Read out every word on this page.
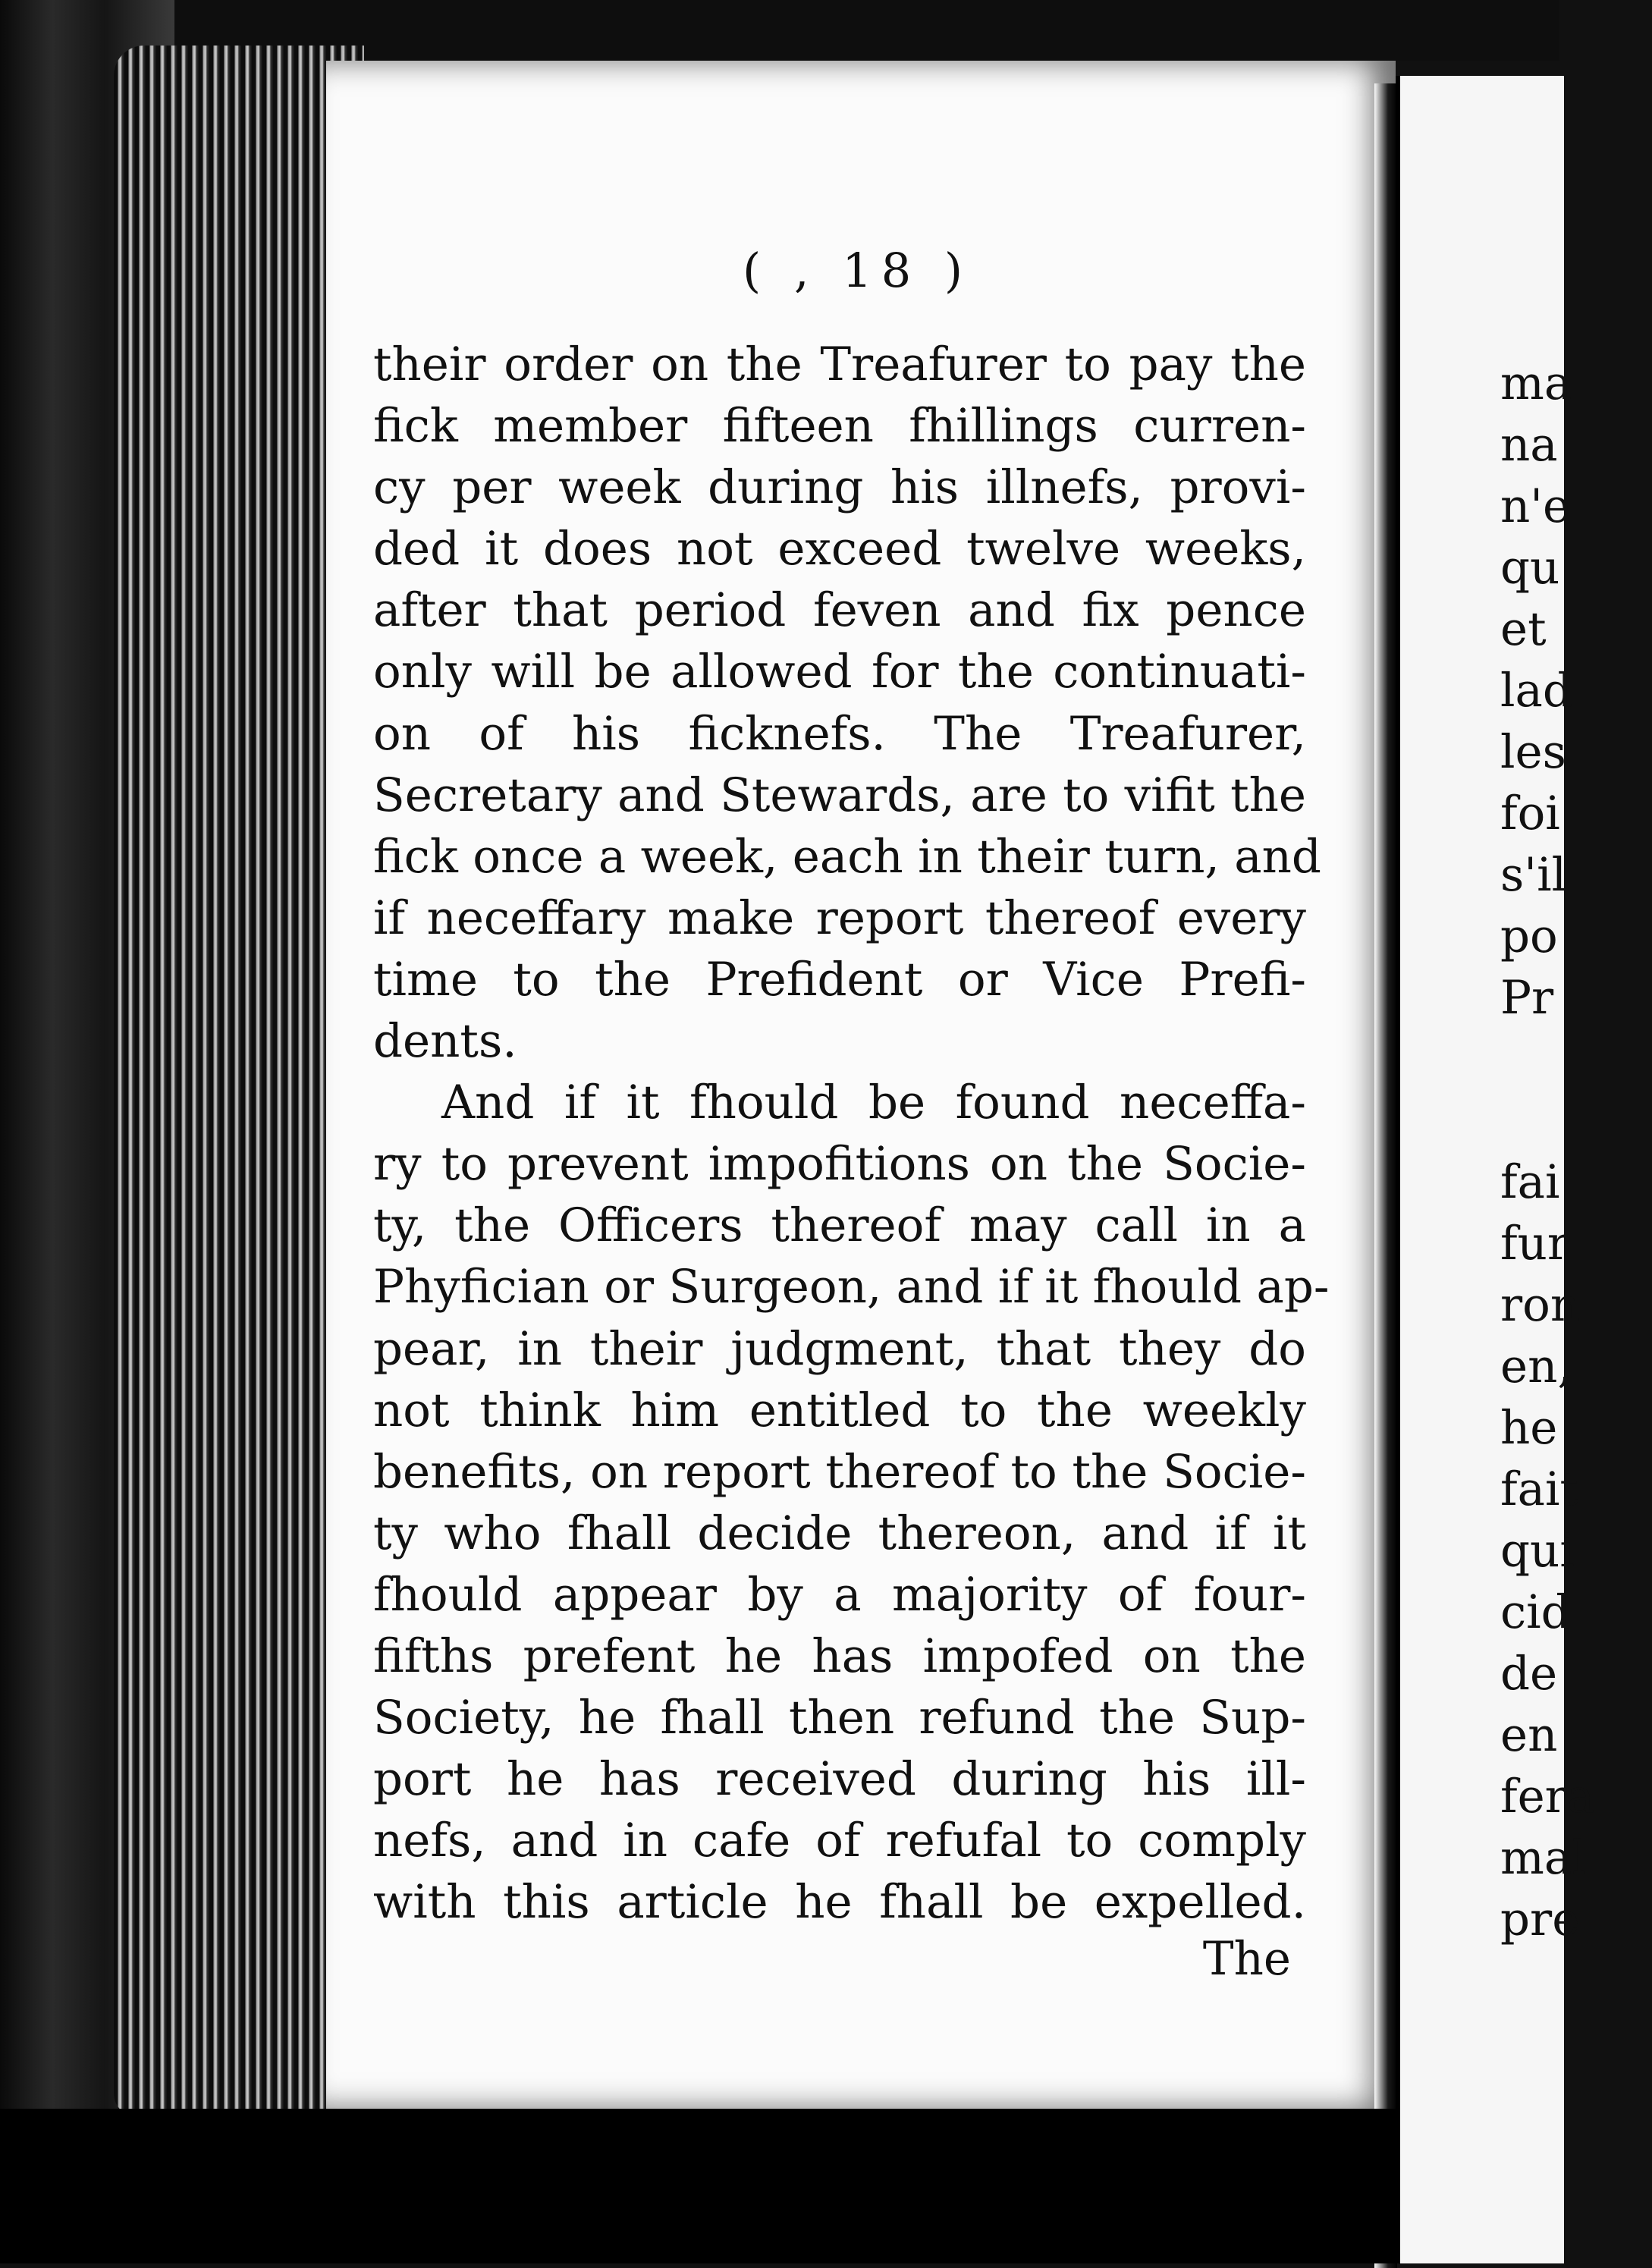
( , 18 )
their order on the Treafurer to pay the
fick member fifteen fhillings curren-
cy per week during his illnefs, provi-
ded it does not exceed twelve weeks,
after that period feven and fix pence
only will be allowed for the continuati-
on of his ficknefs. The Treafurer,
Secretary and Stewards, are to vifit the
fick once a week, each in their turn, and
if neceffary make report thereof every
time to the Prefident or Vice Prefi-
dents.
And if it fhould be found neceffa-
ry to prevent impofitions on the Socie-
ty, the Officers thereof may call in a
Phyfician or Surgeon, and if it fhould ap-
pear, in their judgment, that they do
not think him entitled to the weekly
benefits, on report thereof to the Socie-
ty who fhall decide thereon, and if it
fhould appear by a majority of four-
fifths prefent he has impofed on the
Society, he fhall then refund the Sup-
port he has received during his ill-
nefs, and in cafe of refufal to comply
with this article he fhall be expelled.
The
ma
na
n'e
qu
et
lad
les
foi
s'il
po
Pr
fai
fur
ron
en,
he
fait
qui
cid
de
en
fera
mal
pre
